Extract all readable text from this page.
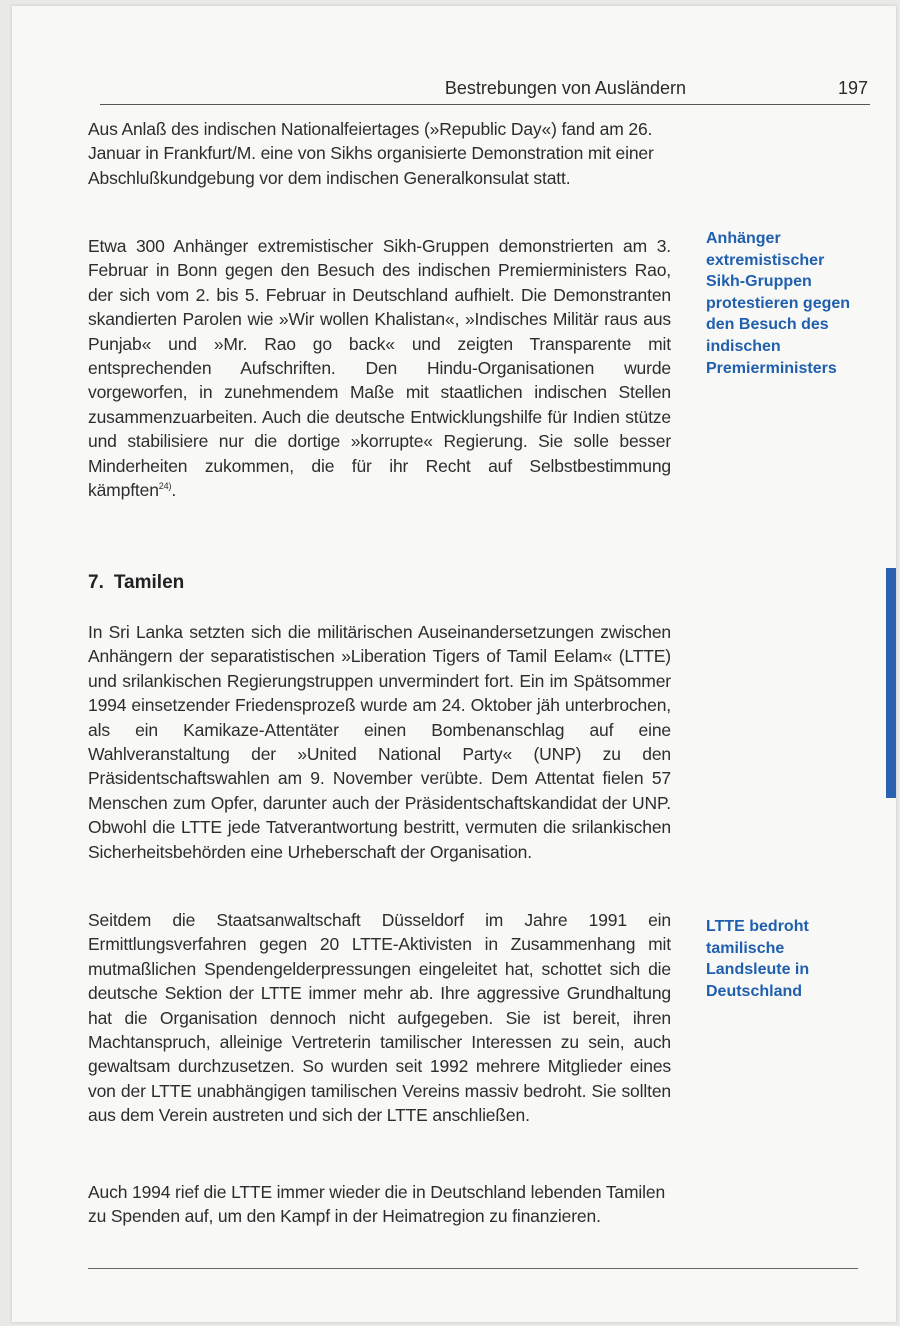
Bestrebungen von Ausländern	197

Aus Anlaß des indischen Nationalfeiertages (»Republic Day«) fand am 26. Januar in Frankfurt/M. eine von Sikhs organisierte Demonstration mit einer Abschlußkundgebung vor dem indischen Generalkonsulat statt.

Etwa 300 Anhänger extremistischer Sikh-Gruppen demonstrierten am 3. Februar in Bonn gegen den Besuch des indischen Premierministers Rao, der sich vom 2. bis 5. Februar in Deutschland aufhielt. Die Demonstranten skandierten Parolen wie »Wir wollen Khalistan«, »Indisches Militär raus aus Punjab« und »Mr. Rao go back« und zeigten Transparente mit entsprechenden Aufschriften. Den Hindu-Organisationen wurde vorgeworfen, in zunehmendem Maße mit staatlichen indischen Stellen zusammenzuarbeiten. Auch die deutsche Entwicklungshilfe für Indien stütze und stabilisiere nur die dortige »korrupte« Regierung. Sie solle besser Minderheiten zukommen, die für ihr Recht auf Selbstbestimmung kämpften$^{24)}$.

Anhänger extremistischer Sikh-Gruppen protestieren gegen den Besuch des indischen Premierministers
7. Tamilen

In Sri Lanka setzten sich die militärischen Auseinandersetzungen zwischen Anhängern der separatistischen »Liberation Tigers of Tamil Eelam« (LTTE) und srilankischen Regierungstruppen unvermindert fort. Ein im Spätsommer 1994 einsetzender Friedensprozeß wurde am 24. Oktober jäh unterbrochen, als ein Kamikaze-Attentäter einen Bombenanschlag auf eine Wahlveranstaltung der »United National Party« (UNP) zu den Präsidentschaftswahlen am 9. November verübte. Dem Attentat fielen 57 Menschen zum Opfer, darunter auch der Präsidentschaftskandidat der UNP. Obwohl die LTTE jede Tatverantwortung bestritt, vermuten die srilankischen Sicherheitsbehörden eine Urheberschaft der Organisation.

Seitdem die Staatsanwaltschaft Düsseldorf im Jahre 1991 ein Ermittlungsverfahren gegen 20 LTTE-Aktivisten in Zusammenhang mit mutmaßlichen Spendengelderpressungen eingeleitet hat, schottet sich die deutsche Sektion der LTTE immer mehr ab. Ihre aggressive Grundhaltung hat die Organisation dennoch nicht aufgegeben. Sie ist bereit, ihren Machtanspruch, alleinige Vertreterin tamilischer Interessen zu sein, auch gewaltsam durchzusetzen. So wurden seit 1992 mehrere Mitglieder eines von der LTTE unabhängigen tamilischen Vereins massiv bedroht. Sie sollten aus dem Verein austreten und sich der LTTE anschließen.

LTTE bedroht tamilische Landsleute in Deutschland

Auch 1994 rief die LTTE immer wieder die in Deutschland lebenden Tamilen zu Spenden auf, um den Kampf in der Heimatregion zu finanzieren.
